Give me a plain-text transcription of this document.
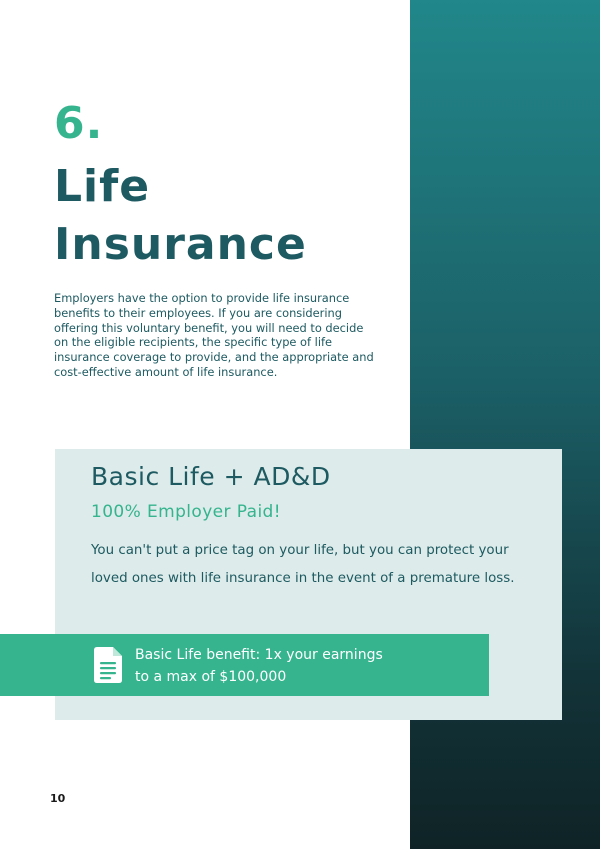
6.
Life Insurance
Employers have the option to provide life insurance benefits to their employees. If you are considering offering this voluntary benefit, you will need to decide on the eligible recipients, the specific type of life insurance coverage to provide, and the appropriate and cost-effective amount of life insurance.
Basic Life + AD&D
100% Employer Paid!
You can't put a price tag on your life, but you can protect your loved ones with life insurance in the event of a premature loss.
Basic Life benefit: 1x your earnings
to a max of $100,000
10
